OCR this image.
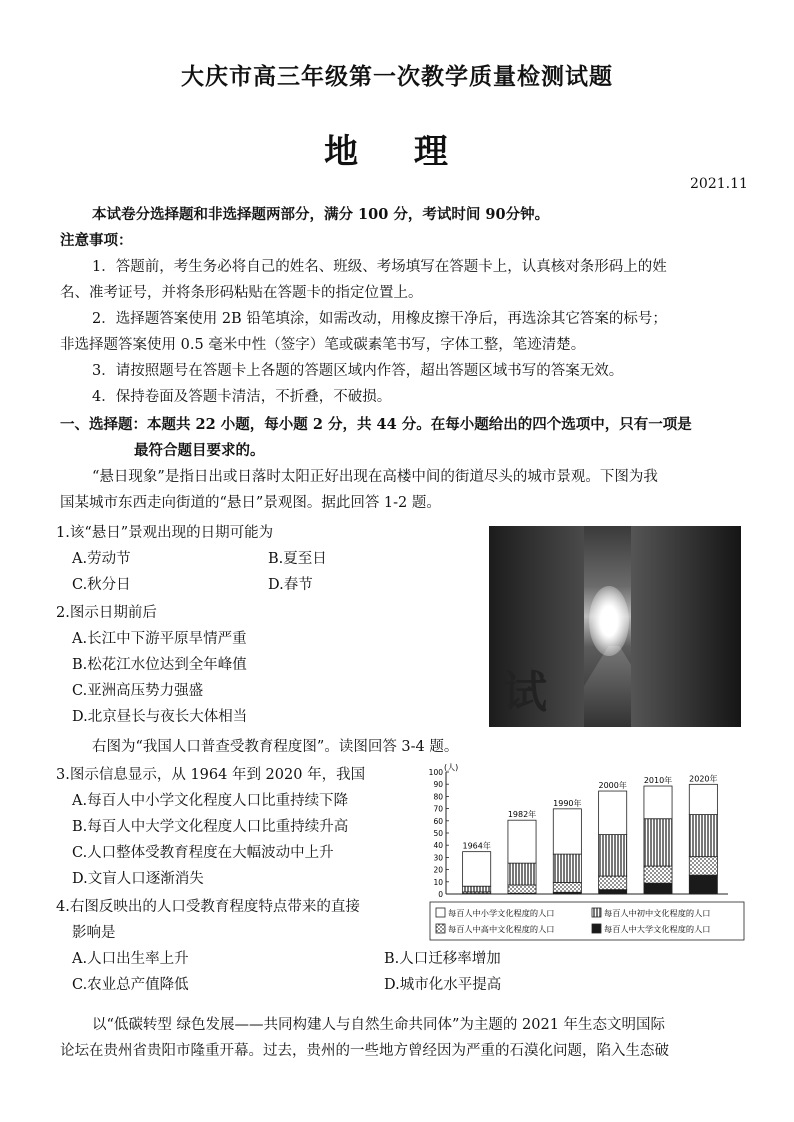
大庆市高三年级第一次教学质量检测试题
地 理
2021.11
本试卷分选择题和非选择题两部分，满分 100 分，考试时间 90分钟。
注意事项：
1．答题前，考生务必将自己的姓名、班级、考场填写在答题卡上，认真核对条形码上的姓
名、准考证号，并将条形码粘贴在答题卡的指定位置上。
2．选择题答案使用 2B 铅笔填涂，如需改动，用橡皮擦干净后，再选涂其它答案的标号；
非选择题答案使用 0.5 毫米中性（签字）笔或碳素笔书写，字体工整，笔迹清楚。
3．请按照题号在答题卡上各题的答题区域内作答，超出答题区域书写的答案无效。
4．保持卷面及答题卡清洁，不折叠，不破损。
一、选择题：本题共 22 小题，每小题 2 分，共 44 分。在每小题给出的四个选项中，只有一项是
最符合题目要求的。
“悬日现象”是指日出或日落时太阳正好出现在高楼中间的街道尽头的城市景观。下图为我
国某城市东西走向街道的“悬日”景观图。据此回答 1-2 题。
1.该“悬日”景观出现的日期可能为
A.劳动节	B.夏至日
C.秋分日	D.春节
2.图示日期前后
A.长江中下游平原旱情严重
B.松花江水位达到全年峰值
C.亚洲高压势力强盛
D.北京昼长与夜长大体相当	试
右图为“我国人口普查受教育程度图”。读图回答 3-4 题。
3.图示信息显示，从 1964 年到 2020 年，我国
A.每百人中小学文化程度人口比重持续下降
B.每百人中大学文化程度人口比重持续升高
C.人口整体受教育程度在大幅波动中上升
D.文盲人口逐渐消失
4.右图反映出的人口受教育程度特点带来的直接
影响是
A.人口出生率上升	B.人口迁移率增加
C.农业总产值降低	D.城市化水平提高
以“低碳转型 绿色发展——共同构建人与自然生命共同体”为主题的 2021 年生态文明国际
论坛在贵州省贵阳市隆重开幕。过去，贵州的一些地方曾经因为严重的石漠化问题，陷入生态破
(人)
0
10
20
30
40
50
60
70
80
90
100
1964年
1982年
1990年
2000年
2010年 2020年
每百人中小学文化程度的人口	每百人中初中文化程度的人口
每百人中高中文化程度的人口	每百人中大学文化程度的人口
